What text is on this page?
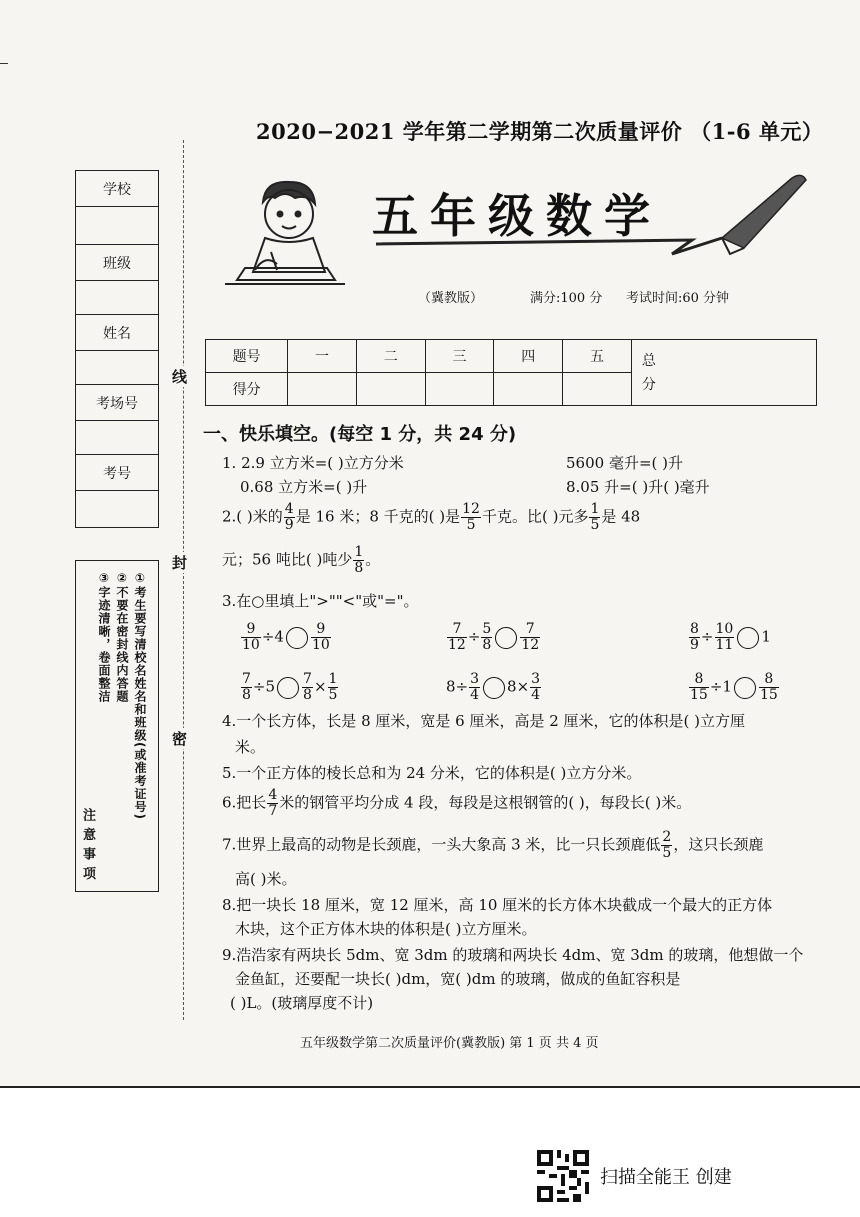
2020−2021 学年第二学期第二次质量评价 （1-6 单元）
五年级数学
（冀教版）	满分:100 分 考试时间:60 分钟
学校
班级
姓名
考场号
考号
①考生要写清校名姓名和班级(或准考证号)
②不要在密封线内答题
③字迹清晰，卷面整洁
注 意 事 项
线
封
密
题号	一	二	三	四	五	总分
得分						
一、快乐填空。(每空 1 分，共 24 分)
1. 2.9 立方米=( )立方分米	5600 毫升=( )升
0.68 立方米=( )升	8.05 升=( )升( )毫升
2.( )米的 $\frac{4}{9}$ 是 16 米；8 千克的( )是 $\frac{12}{5}$ 千克。比( )元多 $\frac{1}{5}$ 是 48
元；56 吨比( )吨少 $\frac{1}{8}$ 。
3.在○里填上">""<"或"="。
$\frac{9}{10} \div 4 \frac{9}{10}$	$\frac{7}{12} \div \frac{5}{8} \frac{7}{12}$	$\frac{8}{9} \div \frac{10}{11} 1$
$\frac{7}{8} \div 5 \frac{7}{8} \times \frac{1}{5}$	$8\div \frac{3}{4} 8\times \frac{3}{4}$	$\frac{8}{15} \div 1 \frac{8}{15}$
4.一个长方体，长是 8 厘米，宽是 6 厘米，高是 2 厘米，它的体积是( )立方厘
米。
5.一个正方体的棱长总和为 24 分米，它的体积是( )立方分米。
6.把长 $\frac{4}{7}$ 米的钢管平均分成 4 段，每段是这根钢管的( )，每段长( )米。
7.世界上最高的动物是长颈鹿，一头大象高 3 米，比一只长颈鹿低 $\frac{2}{5}$ ，这只长颈鹿
高( )米。
8.把一块长 18 厘米，宽 12 厘米，高 10 厘米的长方体木块截成一个最大的正方体
木块，这个正方体木块的体积是( )立方厘米。
9.浩浩家有两块长 5dm、宽 3dm 的玻璃和两块长 4dm、宽 3dm 的玻璃，他想做一个
金鱼缸，还要配一块长( )dm，宽( )dm 的玻璃，做成的鱼缸容积是
( )L。(玻璃厚度不计)
五年级数学第二次质量评价(冀教版) 第 1 页 共 4 页
扫描全能王 创建
